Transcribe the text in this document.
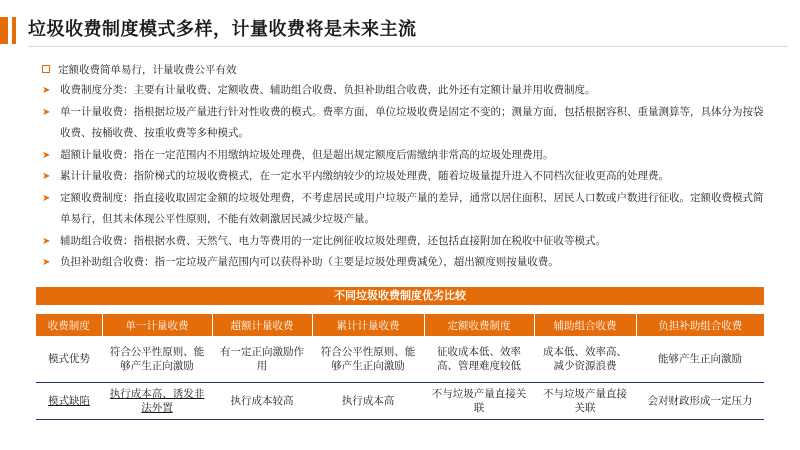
垃圾收费制度模式多样，计量收费将是未来主流
定额收费简单易行，计量收费公平有效
➤ 收费制度分类：主要有计量收费、定额收费、辅助组合收费、负担补助组合收费，此外还有定额计量并用收费制度。
➤ 单一计量收费：指根据垃圾产量进行针对性收费的模式。费率方面，单位垃圾收费是固定不变的；测量方面，包括根据容积、重量测算等，具体分为按袋收费、按桶收费、按重收费等多种模式。
➤ 超额计量收费：指在一定范围内不用缴纳垃圾处理费，但是超出规定额度后需缴纳非常高的垃圾处理费用。
➤ 累计计量收费：指阶梯式的垃圾收费模式，在一定水平内缴纳较少的垃圾处理费，随着垃圾量提升进入不同档次征收更高的处理费。
➤ 定额收费制度：指直接收取固定金额的垃圾处理费，不考虑居民或用户垃圾产量的差异，通常以居住面积、居民人口数或户数进行征收。定额收费模式简单易行，但其未体现公平性原则，不能有效刺激居民减少垃圾产量。
➤ 辅助组合收费：指根据水费、天然气、电力等费用的一定比例征收垃圾处理费，还包括直接附加在税收中征收等模式。
➤ 负担补助组合收费：指一定垃圾产量范围内可以获得补助（主要是垃圾处理费减免），超出额度则按量收费。
不同垃圾收费制度优劣比较
收费制度	单一计量收费	超额计量收费	累计计量收费	定额收费制度	辅助组合收费	负担补助组合收费
模式优势	符合公平性原则、能够产生正向激励	有一定正向激励作用	符合公平性原则、能够产生正向激励	征收成本低、效率高、管理难度较低	成本低、效率高、减少资源浪费	能够产生正向激励
模式缺陷	执行成本高、诱发非法外置	执行成本较高	执行成本高	不与垃圾产量直接关联	不与垃圾产量直接关联	会对财政形成一定压力
